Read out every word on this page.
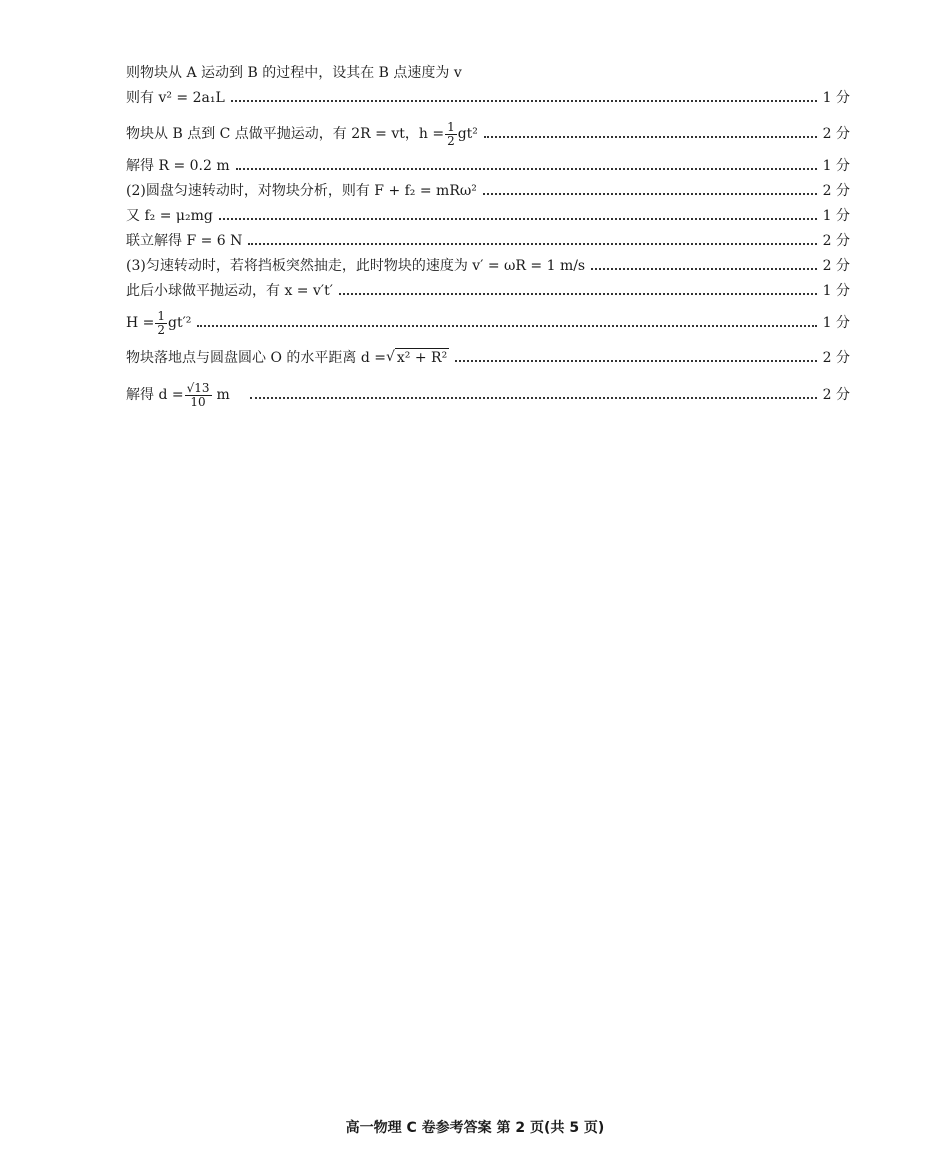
则物块从 A 运动到 B 的过程中，设其在 B 点速度为 v
则有 v² = 2a₁L	1 分
物块从 B 点到 C 点做平抛运动，有 2R = vt，$h = \frac{1}{2} gt^2$	2 分
解得 R = 0.2 m	1 分
(2)圆盘匀速转动时，对物块分析，则有 F + f₂ = mRω²	2 分
又 f₂ = μ₂mg	1 分
联立解得 F = 6 N	2 分
(3)匀速转动时，若将挡板突然抽走，此时物块的速度为 v′ = ωR = 1 m/s	2 分
此后小球做平抛运动，有 x = v′t′	1 分
$H = \frac{1}{2} gt'^2$	1 分
物块落地点与圆盘圆心 O 的水平距离 d = √ x² + R²	2 分
解得 $d = \frac{√13}{10}$ m	2 分
高一物理 C 卷参考答案 第 2 页(共 5 页)
